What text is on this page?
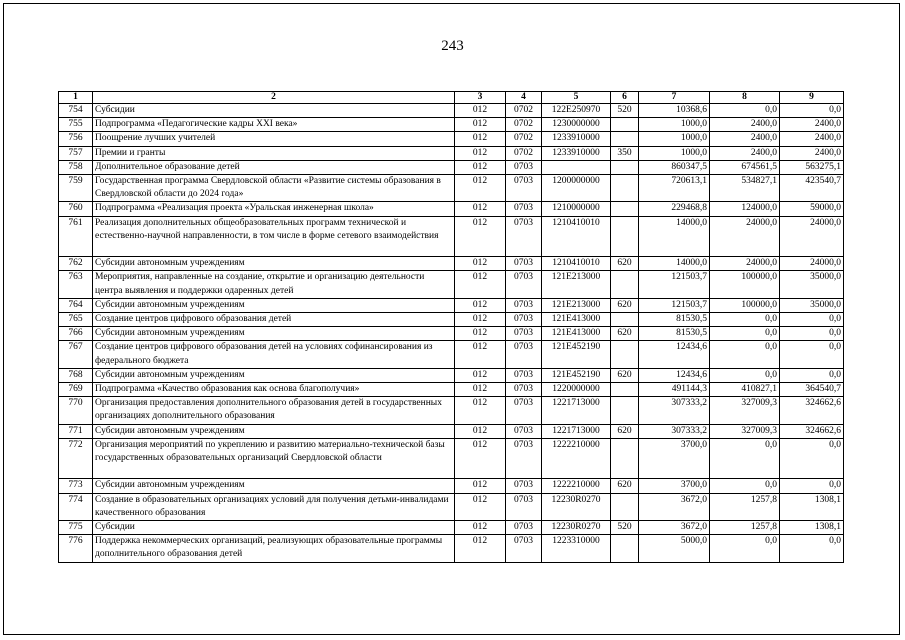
243
1	2	3	4	5	6	7	8	9
754	Субсидии	012	0702	122E250970	520	10368,6	0,0	0,0
755	Подпрограмма «Педагогические кадры XXI века»	012	0702	1230000000		1000,0	2400,0	2400,0
756	Поощрение лучших учителей	012	0702	1233910000		1000,0	2400,0	2400,0
757	Премии и гранты	012	0702	1233910000	350	1000,0	2400,0	2400,0
758	Дополнительное образование детей	012	0703			860347,5	674561,5	563275,1
759	Государственная программа Свердловской области «Развитие системы образования в Свердловской области до 2024 года»	012	0703	1200000000		720613,1	534827,1	423540,7
760	Подпрограмма «Реализация проекта «Уральская инженерная школа»	012	0703	1210000000		229468,8	124000,0	59000,0
761	Реализация дополнительных общеобразовательных программ технической и естественно-научной направленности, в том числе в форме сетевого взаимодействия	012	0703	1210410010		14000,0	24000,0	24000,0
762	Субсидии автономным учреждениям	012	0703	1210410010	620	14000,0	24000,0	24000,0
763	Мероприятия, направленные на создание, открытие и организацию деятельности центра выявления и поддержки одаренных детей	012	0703	121E213000		121503,7	100000,0	35000,0
764	Субсидии автономным учреждениям	012	0703	121E213000	620	121503,7	100000,0	35000,0
765	Создание центров цифрового образования детей	012	0703	121E413000		81530,5	0,0	0,0
766	Субсидии автономным учреждениям	012	0703	121E413000	620	81530,5	0,0	0,0
767	Создание центров цифрового образования детей на условиях софинансирования из федерального бюджета	012	0703	121E452190		12434,6	0,0	0,0
768	Субсидии автономным учреждениям	012	0703	121E452190	620	12434,6	0,0	0,0
769	Подпрограмма «Качество образования как основа благополучия»	012	0703	1220000000		491144,3	410827,1	364540,7
770	Организация предоставления дополнительного образования детей в государственных организациях дополнительного образования	012	0703	1221713000		307333,2	327009,3	324662,6
771	Субсидии автономным учреждениям	012	0703	1221713000	620	307333,2	327009,3	324662,6
772	Организация мероприятий по укреплению и развитию материально-технической базы государственных образовательных организаций Свердловской области	012	0703	1222210000		3700,0	0,0	0,0
773	Субсидии автономным учреждениям	012	0703	1222210000	620	3700,0	0,0	0,0
774	Создание в образовательных организациях условий для получения детьми-инвалидами качественного образования	012	0703	12230R0270		3672,0	1257,8	1308,1
775	Субсидии	012	0703	12230R0270	520	3672,0	1257,8	1308,1
776	Поддержка некоммерческих организаций, реализующих образовательные программы дополнительного образования детей	012	0703	1223310000		5000,0	0,0	0,0
